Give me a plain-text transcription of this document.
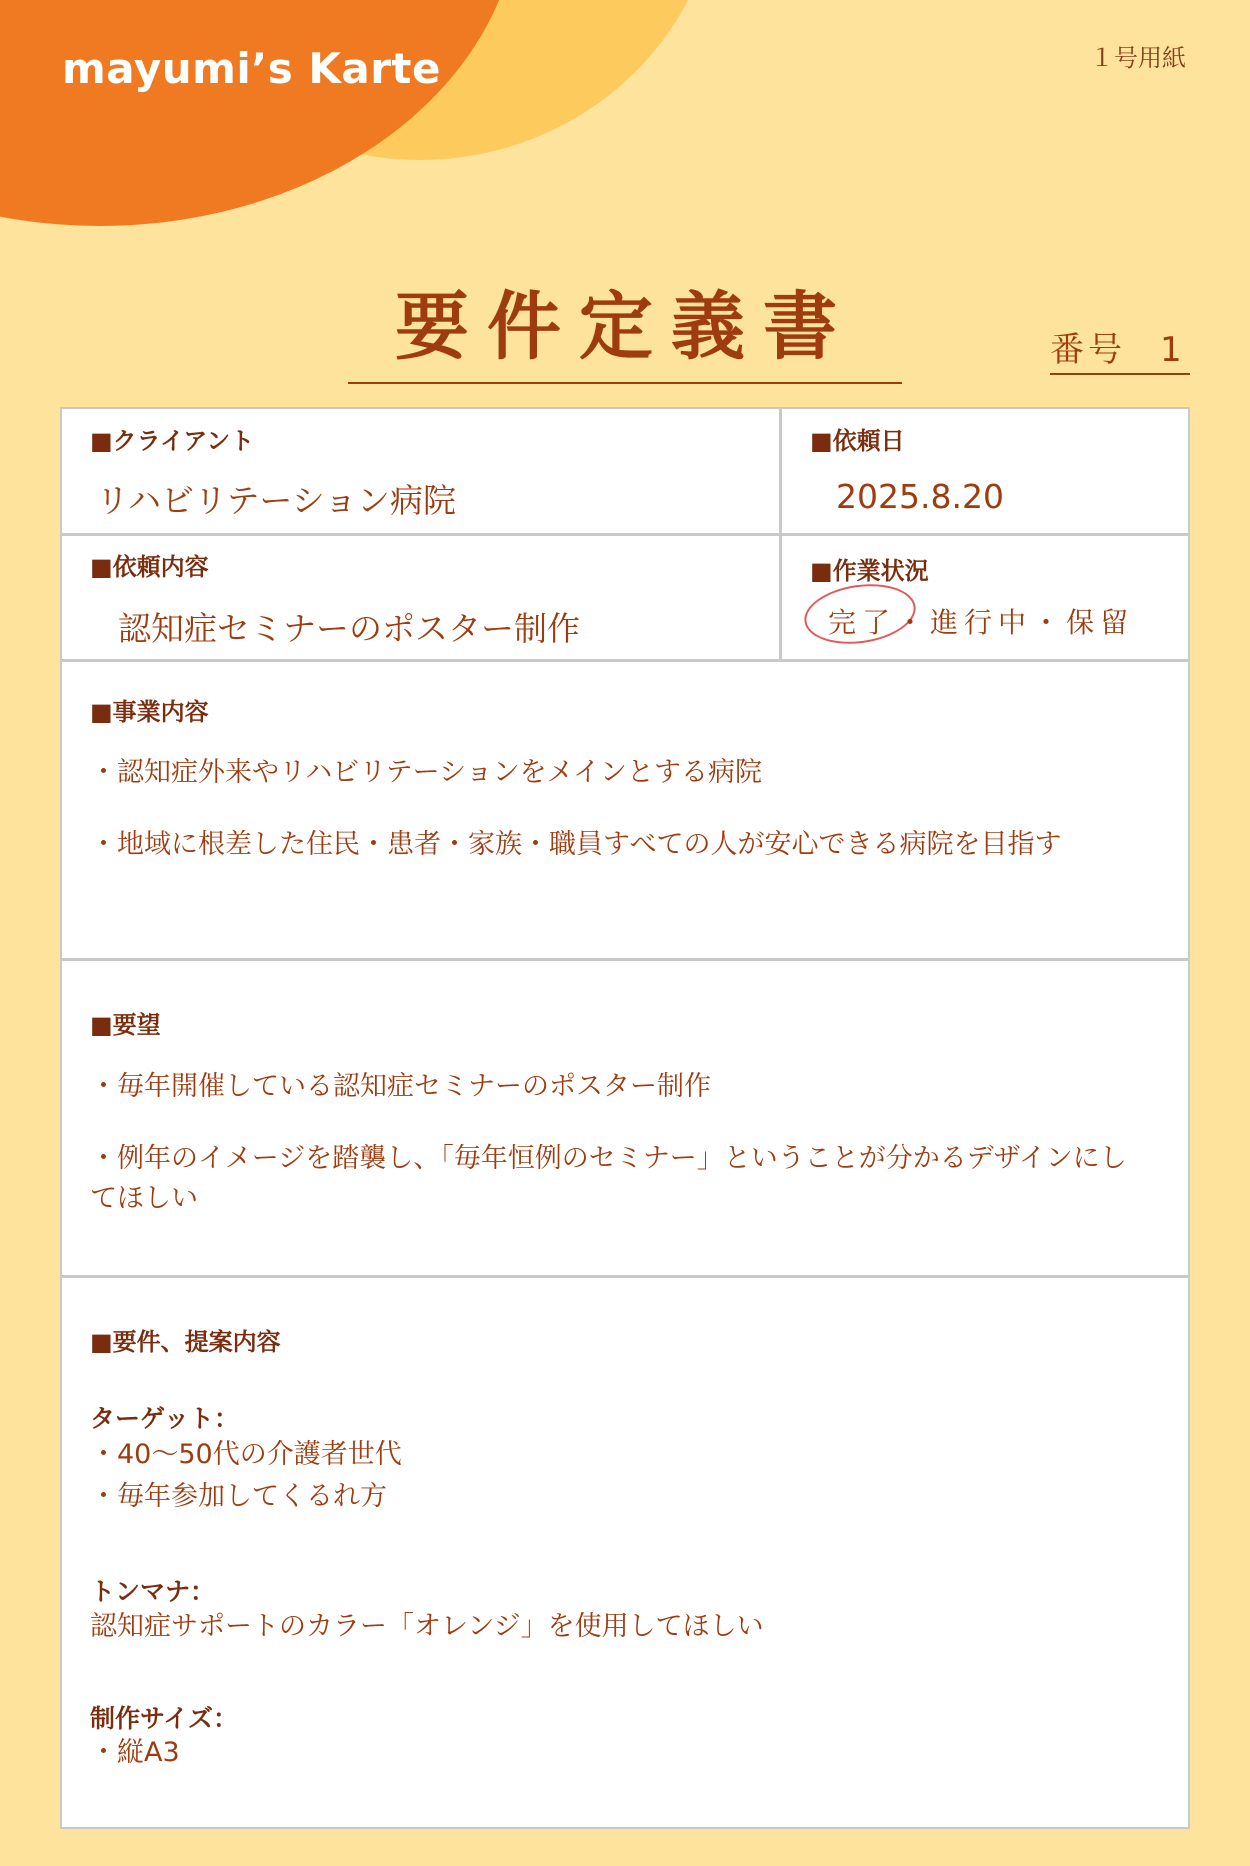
mayumi’s Karte	１号用紙
要件定義書	番号 1
■クライアント
リハビリテーション病院
■依頼日
2025.8.20
■依頼内容
認知症セミナーのポスター制作
■作業状況
完了・進行中・保留
■事業内容
・認知症外来やリハビリテーションをメインとする病院
・地域に根差した住民・患者・家族・職員すべての人が安心できる病院を目指す
■要望
・毎年開催している認知症セミナーのポスター制作
・例年のイメージを踏襲し、「毎年恒例のセミナー」ということが分かるデザインにしてほしい
■要件、提案内容
ターゲット：
・40〜50代の介護者世代
・毎年参加してくるれ方
トンマナ：
認知症サポートのカラー「オレンジ」を使用してほしい
制作サイズ：
・縦A3
